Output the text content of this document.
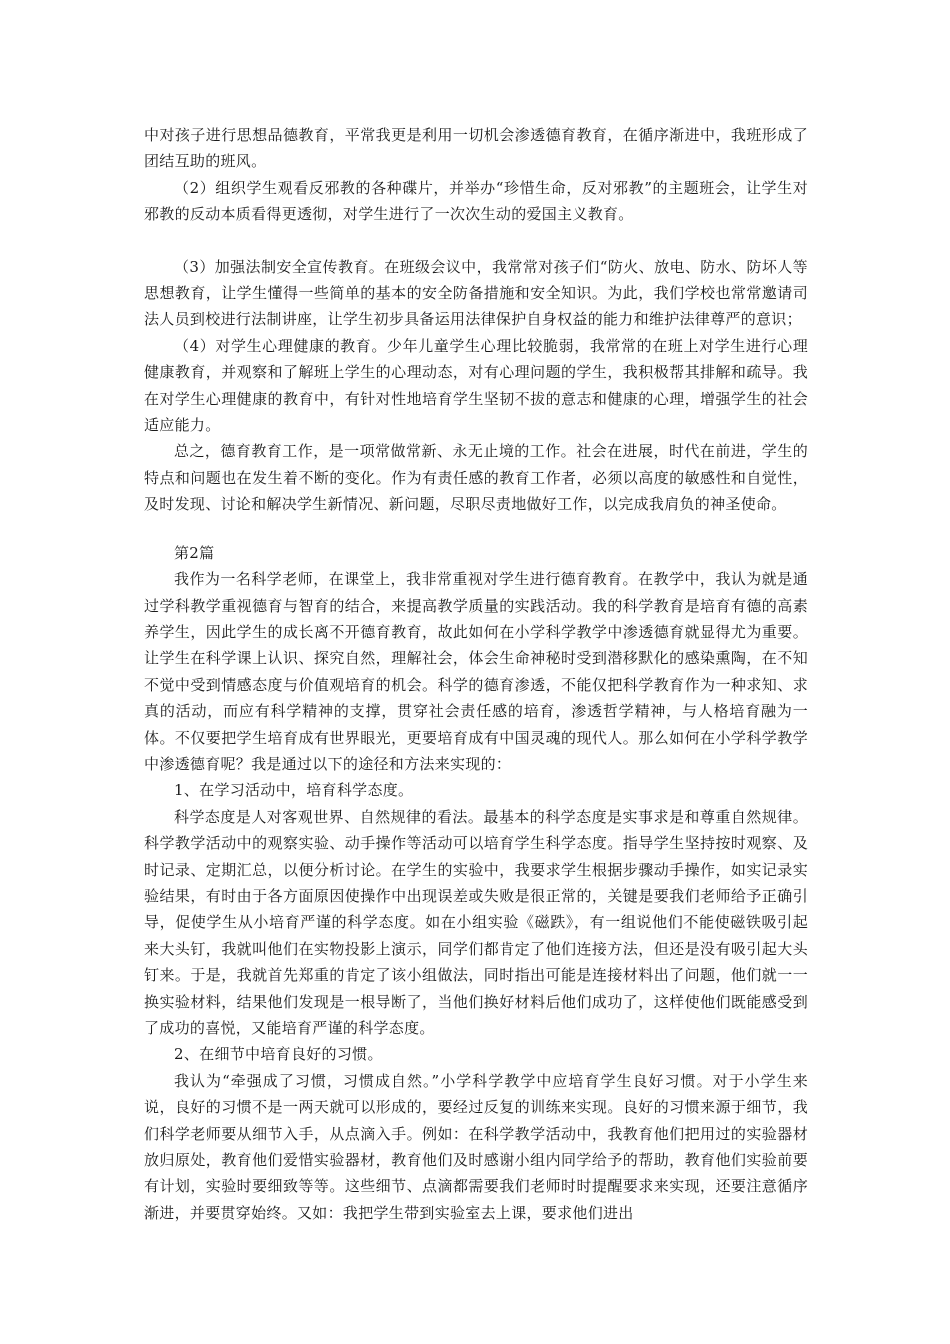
中对孩子进行思想品德教育，平常我更是利用一切机会渗透德育教育，在循序渐进中，我班形成了团结互助的班风。

（2）组织学生观看反邪教的各种碟片，并举办“珍惜生命，反对邪教”的主题班会，让学生对邪教的反动本质看得更透彻，对学生进行了一次次生动的爱国主义教育。

（3）加强法制安全宣传教育。在班级会议中，我常常对孩子们“防火、放电、防水、防坏人等思想教育，让学生懂得一些简单的基本的安全防备措施和安全知识。为此，我们学校也常常邀请司法人员到校进行法制讲座，让学生初步具备运用法律保护自身权益的能力和维护法律尊严的意识；

（4）对学生心理健康的教育。少年儿童学生心理比较脆弱，我常常的在班上对学生进行心理健康教育，并观察和了解班上学生的心理动态，对有心理问题的学生，我积极帮其排解和疏导。我在对学生心理健康的教育中，有针对性地培育学生坚韧不拔的意志和健康的心理，增强学生的社会适应能力。

总之，德育教育工作，是一项常做常新、永无止境的工作。社会在进展，时代在前进，学生的特点和问题也在发生着不断的变化。作为有责任感的教育工作者，必须以高度的敏感性和自觉性，及时发现、讨论和解决学生新情况、新问题，尽职尽责地做好工作，以完成我肩负的神圣使命。

第2篇

我作为一名科学老师，在课堂上，我非常重视对学生进行德育教育。在教学中，我认为就是通过学科教学重视德育与智育的结合，来提高教学质量的实践活动。我的科学教育是培育有德的高素养学生，因此学生的成长离不开德育教育，故此如何在小学科学教学中渗透德育就显得尤为重要。让学生在科学课上认识、探究自然，理解社会，体会生命神秘时受到潜移默化的感染熏陶，在不知不觉中受到情感态度与价值观培育的机会。科学的德育渗透，不能仅把科学教育作为一种求知、求真的活动，而应有科学精神的支撑，贯穿社会责任感的培育，渗透哲学精神，与人格培育融为一体。不仅要把学生培育成有世界眼光，更要培育成有中国灵魂的现代人。那么如何在小学科学教学中渗透德育呢？我是通过以下的途径和方法来实现的：

1、在学习活动中，培育科学态度。

科学态度是人对客观世界、自然规律的看法。最基本的科学态度是实事求是和尊重自然规律。科学教学活动中的观察实验、动手操作等活动可以培育学生科学态度。指导学生坚持按时观察、及时记录、定期汇总，以便分析讨论。在学生的实验中，我要求学生根据步骤动手操作，如实记录实验结果，有时由于各方面原因使操作中出现误差或失败是很正常的，关键是要我们老师给予正确引导，促使学生从小培育严谨的科学态度。如在小组实验《磁跌》，有一组说他们不能使磁铁吸引起来大头钉，我就叫他们在实物投影上演示，同学们都肯定了他们连接方法，但还是没有吸引起大头钉来。于是，我就首先郑重的肯定了该小组做法，同时指出可能是连接材料出了问题，他们就一一换实验材料，结果他们发现是一根导断了，当他们换好材料后他们成功了，这样使他们既能感受到了成功的喜悦，又能培育严谨的科学态度。

2、在细节中培育良好的习惯。

我认为“牵强成了习惯，习惯成自然。”小学科学教学中应培育学生良好习惯。对于小学生来说，良好的习惯不是一两天就可以形成的，要经过反复的训练来实现。良好的习惯来源于细节，我们科学老师要从细节入手，从点滴入手。例如：在科学教学活动中，我教育他们把用过的实验器材放归原处，教育他们爱惜实验器材，教育他们及时感谢小组内同学给予的帮助，教育他们实验前要有计划，实验时要细致等等。这些细节、点滴都需要我们老师时时提醒要求来实现，还要注意循序渐进，并要贯穿始终。又如：我把学生带到实验室去上课，要求他们进出
